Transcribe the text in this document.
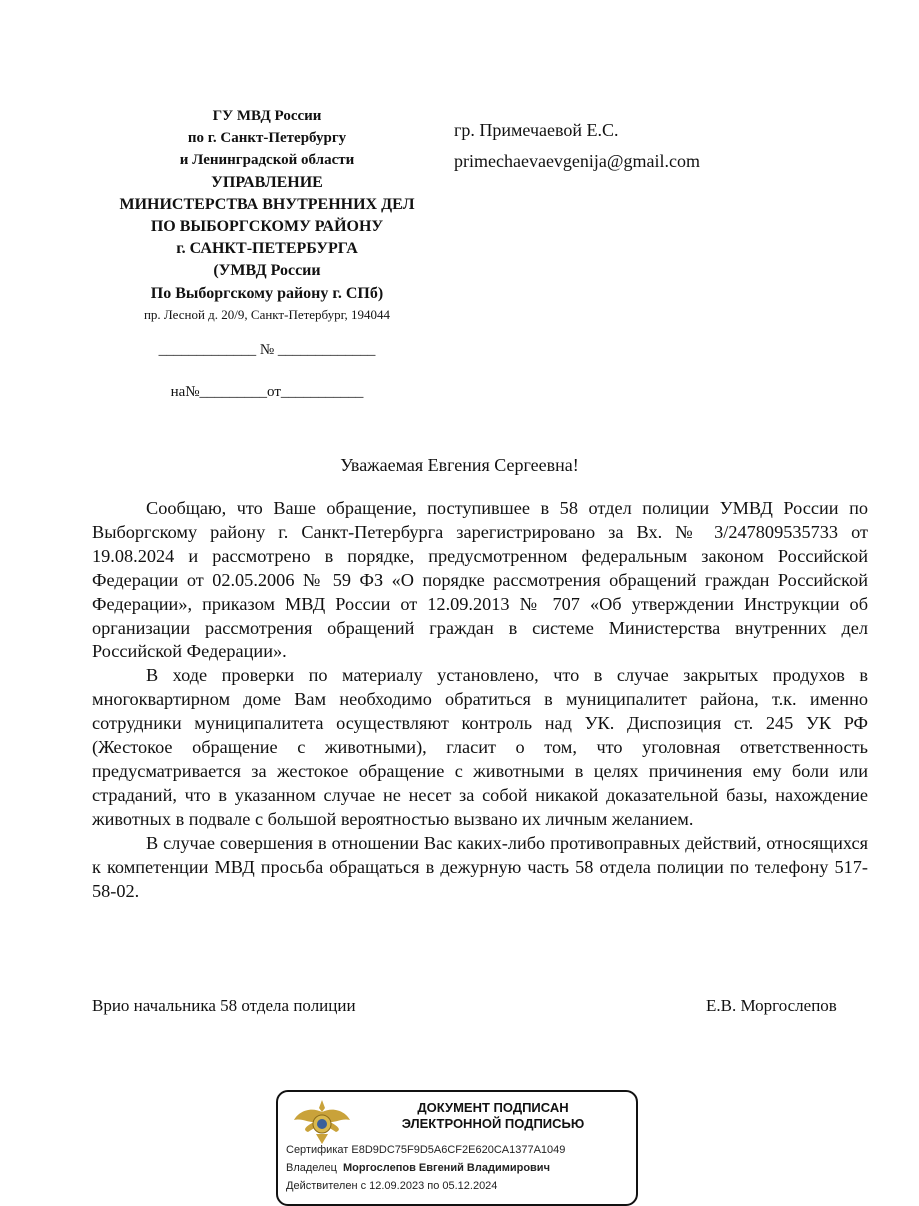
ГУ МВД России
по г. Санкт-Петербургу
и Ленинградской области
УПРАВЛЕНИЕ
МИНИСТЕРСТВА ВНУТРЕННИХ ДЕЛ
ПО ВЫБОРГСКОМУ РАЙОНУ
г. САНКТ-ПЕТЕРБУРГА
(УМВД России
По Выборгскому району г. СПб)
пр. Лесной д. 20/9, Санкт-Петербург, 194044
_____________ № _____________
на№_________от___________
гр. Примечаевой Е.С.
primechaevaevgenija@gmail.com
Уважаемая Евгения Сергеевна!

Сообщаю, что Ваше обращение, поступившее в 58 отдел полиции УМВД России по Выборгскому району г. Санкт-Петербурга зарегистрировано за Вх. № 3/247809535733 от 19.08.2024 и рассмотрено в порядке, предусмотренном федеральным законом Российской Федерации от 02.05.2006 № 59 ФЗ «О порядке рассмотрения обращений граждан Российской Федерации», приказом МВД России от 12.09.2013 № 707 «Об утверждении Инструкции об организации рассмотрения обращений граждан в системе Министерства внутренних дел Российской Федерации».

В ходе проверки по материалу установлено, что в случае закрытых продухов в многоквартирном доме Вам необходимо обратиться в муниципалитет района, т.к. именно сотрудники муниципалитета осуществляют контроль над УК. Диспозиция ст. 245 УК РФ (Жестокое обращение с животными), гласит о том, что уголовная ответственность предусматривается за жестокое обращение с животными в целях причинения ему боли или страданий, что в указанном случае не несет за собой никакой доказательной базы, нахождение животных в подвале с большой вероятностью вызвано их личным желанием.

В случае совершения в отношении Вас каких-либо противоправных действий, относящихся к компетенции МВД просьба обращаться в дежурную часть 58 отдела полиции по телефону 517-58-02.

Врио начальника 58 отдела полиции	Е.В. Моргослепов
ДОКУМЕНТ ПОДПИСАН
ЭЛЕКТРОННОЙ ПОДПИСЬЮ
Сертификат E8D9DC75F9D5A6CF2E620CA1377A1049
Владелец Моргослепов Евгений Владимирович
Действителен с 12.09.2023 по 05.12.2024
